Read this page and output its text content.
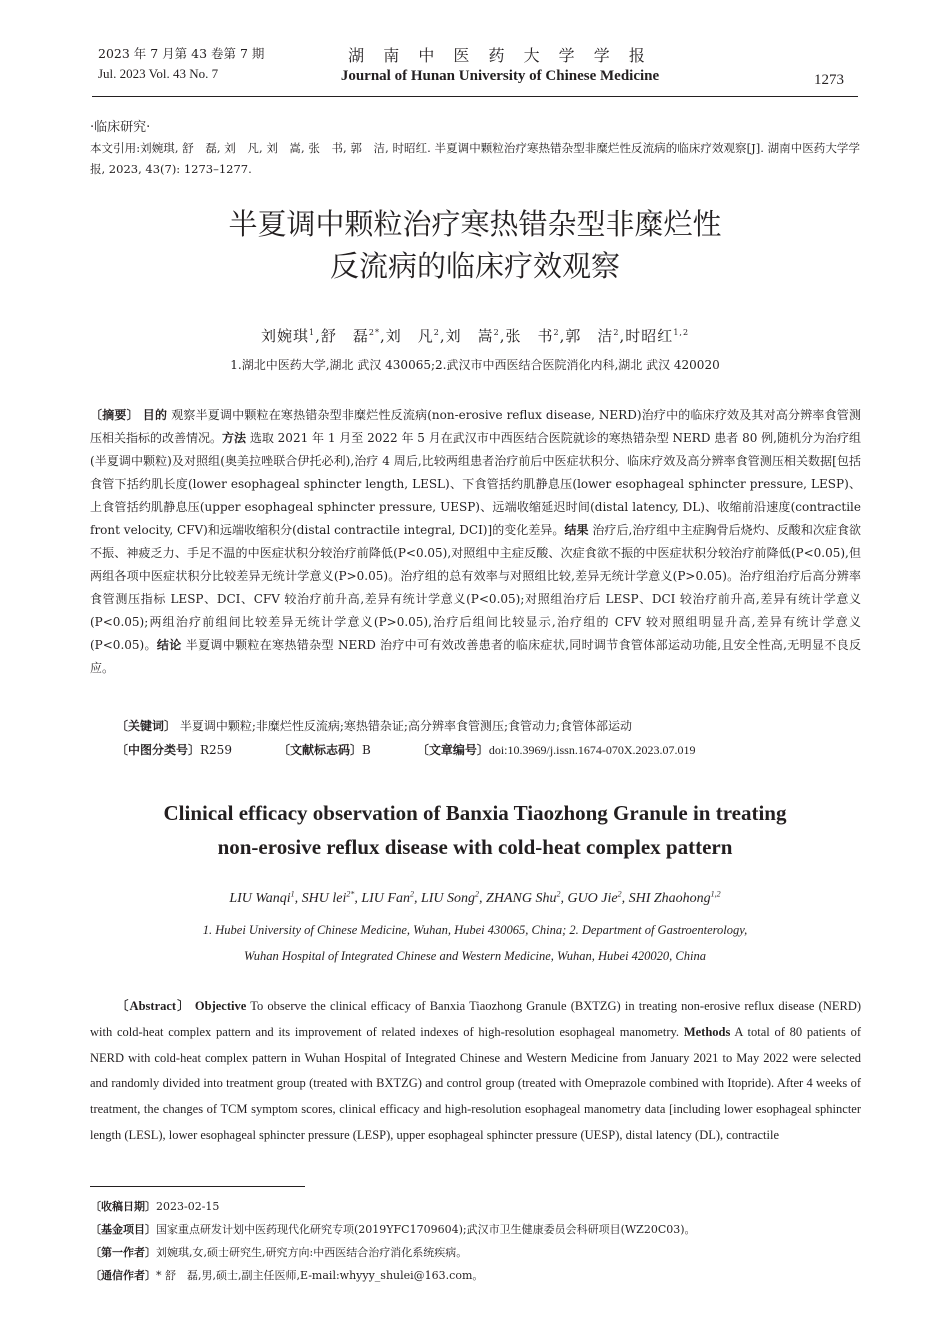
2023 年 7 月第 43 卷第 7 期
Jul. 2023 Vol. 43 No. 7
湖 南 中 医 药 大 学 学 报
Journal of Hunan University of Chinese Medicine	1273
·临床研究·
本文引用:刘婉琪, 舒　磊, 刘　凡, 刘　嵩, 张　书, 郭　洁, 时昭红. 半夏调中颗粒治疗寒热错杂型非糜烂性反流病的临床疗效观察[J]. 湖南中医药大学学报, 2023, 43(7): 1273–1277.
半夏调中颗粒治疗寒热错杂型非糜烂性
反流病的临床疗效观察
刘婉琪$^1$,舒　磊$^{2*}$,刘　凡$^2$,刘　嵩$^2$,张　书$^2$,郭　洁$^2$,时昭红$^{1,2}$
1.湖北中医药大学,湖北 武汉 430065;2.武汉市中西医结合医院消化内科,湖北 武汉 420020
〔摘要〕 目的 观察半夏调中颗粒在寒热错杂型非糜烂性反流病(non-erosive reflux disease, NERD)治疗中的临床疗效及其对高分辨率食管测压相关指标的改善情况。方法 选取 2021 年 1 月至 2022 年 5 月在武汉市中西医结合医院就诊的寒热错杂型 NERD 患者 80 例,随机分为治疗组(半夏调中颗粒)及对照组(奥美拉唑联合伊托必利),治疗 4 周后,比较两组患者治疗前后中医症状积分、临床疗效及高分辨率食管测压相关数据[包括食管下括约肌长度(lower esophageal sphincter length, LESL)、下食管括约肌静息压(lower esophageal sphincter pressure, LESP)、上食管括约肌静息压(upper esophageal sphincter pressure, UESP)、远端收缩延迟时间(distal latency, DL)、收缩前沿速度(contractile front velocity, CFV)和远端收缩积分(distal contractile integral, DCI)]的变化差异。结果 治疗后,治疗组中主症胸骨后烧灼、反酸和次症食欲不振、神疲乏力、手足不温的中医症状积分较治疗前降低(P<0.05),对照组中主症反酸、次症食欲不振的中医症状积分较治疗前降低(P<0.05),但两组各项中医症状积分比较差异无统计学意义(P>0.05)。治疗组的总有效率与对照组比较,差异无统计学意义(P>0.05)。治疗组治疗后高分辨率食管测压指标 LESP、DCI、CFV 较治疗前升高,差异有统计学意义(P<0.05);对照组治疗后 LESP、DCI 较治疗前升高,差异有统计学意义(P<0.05);两组治疗前组间比较差异无统计学意义(P>0.05),治疗后组间比较显示,治疗组的 CFV 较对照组明显升高,差异有统计学意义(P<0.05)。结论 半夏调中颗粒在寒热错杂型 NERD 治疗中可有效改善患者的临床症状,同时调节食管体部运动功能,且安全性高,无明显不良反应。
〔关键词〕 半夏调中颗粒;非糜烂性反流病;寒热错杂证;高分辨率食管测压;食管动力;食管体部运动
〔中图分类号〕R259	〔文献标志码〕B	〔文章编号〕doi:10.3969/j.issn.1674-070X.2023.07.019
Clinical efficacy observation of Banxia Tiaozhong Granule in treating
non-erosive reflux disease with cold-heat complex pattern
LIU Wanqi$^1$, SHU lei$^{2*}$, LIU Fan$^2$, LIU Song$^2$, ZHANG Shu$^2$, GUO Jie$^2$, SHI Zhaohong$^{1,2}$
1. Hubei University of Chinese Medicine, Wuhan, Hubei 430065, China; 2. Department of Gastroenterology,
Wuhan Hospital of Integrated Chinese and Western Medicine, Wuhan, Hubei 420020, China
〔Abstract〕 Objective To observe the clinical efficacy of Banxia Tiaozhong Granule (BXTZG) in treating non-erosive reflux disease (NERD) with cold-heat complex pattern and its improvement of related indexes of high-resolution esophageal manometry. Methods A total of 80 patients of NERD with cold-heat complex pattern in Wuhan Hospital of Integrated Chinese and Western Medicine from January 2021 to May 2022 were selected and randomly divided into treatment group (treated with BXTZG) and control group (treated with Omeprazole combined with Itopride). After 4 weeks of treatment, the changes of TCM symptom scores, clinical efficacy and high-resolution esophageal manometry data [including lower esophageal sphincter length (LESL), lower esophageal sphincter pressure (LESP), upper esophageal sphincter pressure (UESP), distal latency (DL), contractile
〔收稿日期〕2023-02-15
〔基金项目〕国家重点研发计划中医药现代化研究专项(2019YFC1709604);武汉市卫生健康委员会科研项目(WZ20C03)。
〔第一作者〕刘婉琪,女,硕士研究生,研究方向:中西医结合治疗消化系统疾病。
〔通信作者〕* 舒　磊,男,硕士,副主任医师,E-mail:whyyy_shulei@163.com。
